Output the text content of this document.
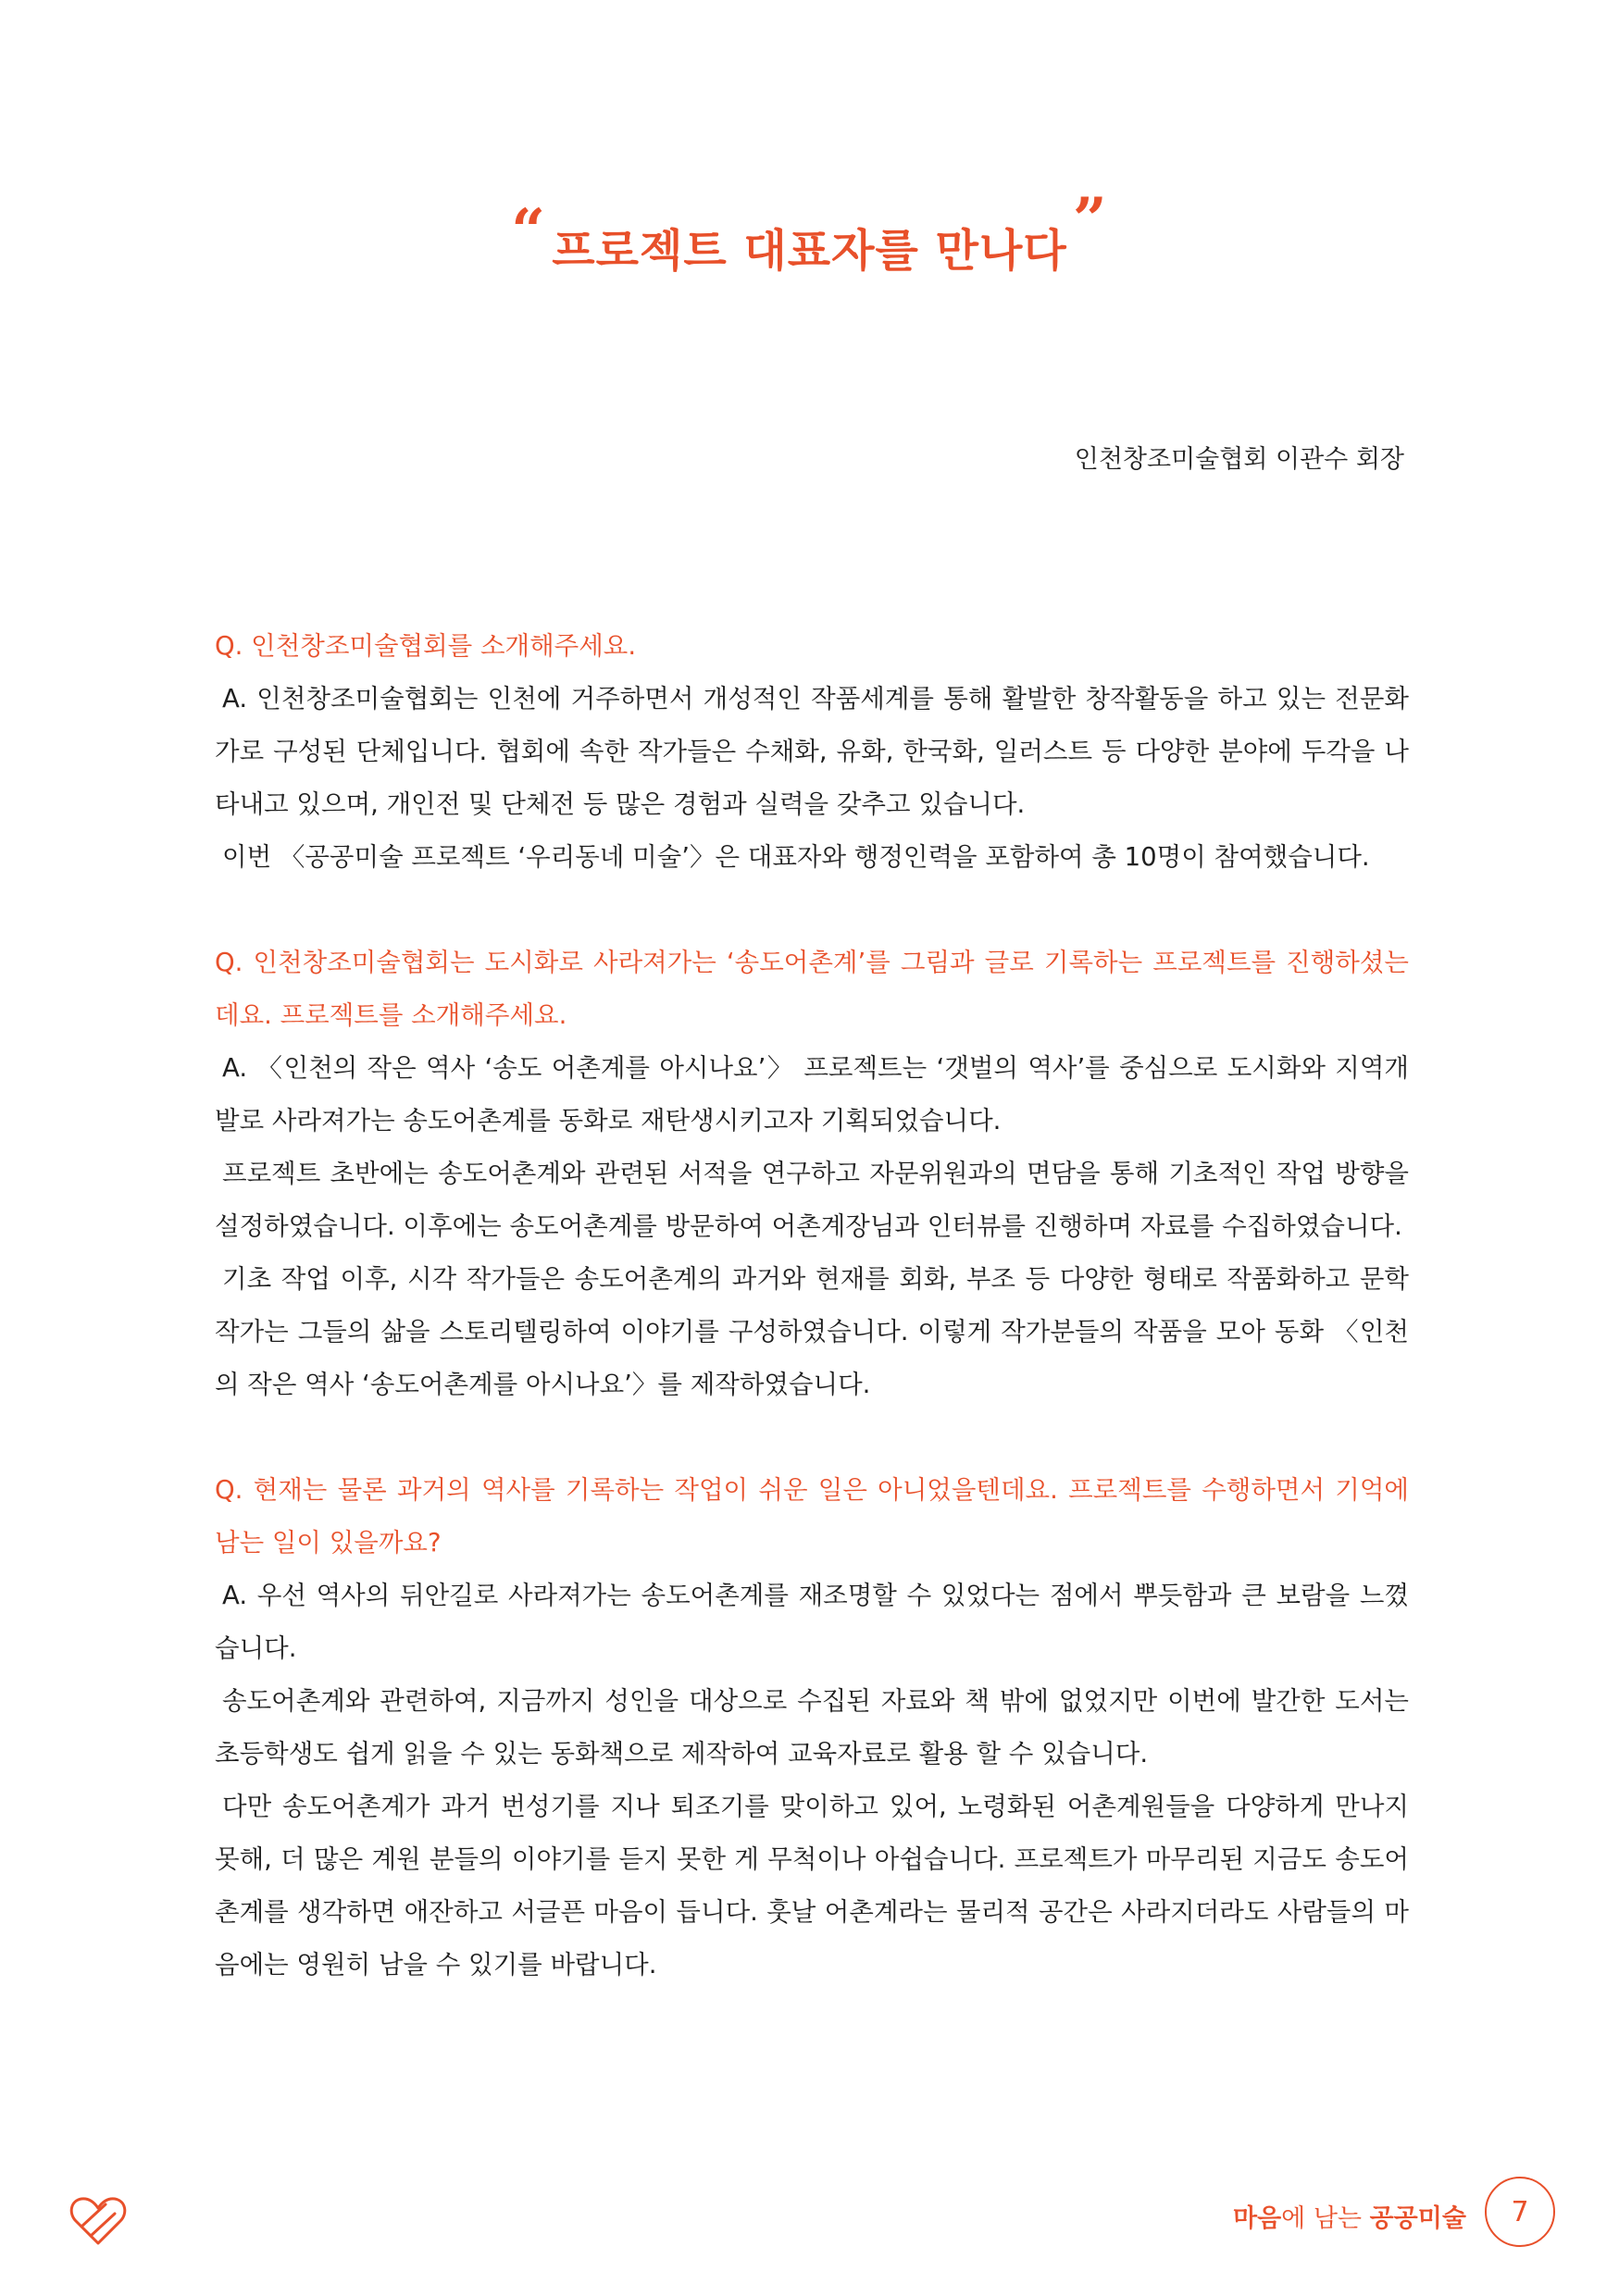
“ 프로젝트 대표자를 만나다 ”
인천창조미술협회 이관수 회장
Q. 인천창조미술협회를 소개해주세요.
A. 인천창조미술협회는 인천에 거주하면서 개성적인 작품세계를 통해 활발한 창작활동을 하고 있는 전문화가로 구성된 단체입니다. 협회에 속한 작가들은 수채화, 유화, 한국화, 일러스트 등 다양한 분야에 두각을 나타내고 있으며, 개인전 및 단체전 등 많은 경험과 실력을 갖추고 있습니다.
이번 〈공공미술 프로젝트 ‘우리동네 미술’〉은 대표자와 행정인력을 포함하여 총 10명이 참여했습니다.
Q. 인천창조미술협회는 도시화로 사라져가는 ‘송도어촌계’를 그림과 글로 기록하는 프로젝트를 진행하셨는데요. 프로젝트를 소개해주세요.
A. 〈인천의 작은 역사 ‘송도 어촌계를 아시나요’〉 프로젝트는 ‘갯벌의 역사’를 중심으로 도시화와 지역개발로 사라져가는 송도어촌계를 동화로 재탄생시키고자 기획되었습니다.
프로젝트 초반에는 송도어촌계와 관련된 서적을 연구하고 자문위원과의 면담을 통해 기초적인 작업 방향을 설정하였습니다. 이후에는 송도어촌계를 방문하여 어촌계장님과 인터뷰를 진행하며 자료를 수집하였습니다.
기초 작업 이후, 시각 작가들은 송도어촌계의 과거와 현재를 회화, 부조 등 다양한 형태로 작품화하고 문학 작가는 그들의 삶을 스토리텔링하여 이야기를 구성하였습니다. 이렇게 작가분들의 작품을 모아 동화 〈인천의 작은 역사 ‘송도어촌계를 아시나요’〉를 제작하였습니다.
Q. 현재는 물론 과거의 역사를 기록하는 작업이 쉬운 일은 아니었을텐데요. 프로젝트를 수행하면서 기억에 남는 일이 있을까요?
A. 우선 역사의 뒤안길로 사라져가는 송도어촌계를 재조명할 수 있었다는 점에서 뿌듯함과 큰 보람을 느꼈습니다.
송도어촌계와 관련하여, 지금까지 성인을 대상으로 수집된 자료와 책 밖에 없었지만 이번에 발간한 도서는 초등학생도 쉽게 읽을 수 있는 동화책으로 제작하여 교육자료로 활용 할 수 있습니다.
다만 송도어촌계가 과거 번성기를 지나 퇴조기를 맞이하고 있어, 노령화된 어촌계원들을 다양하게 만나지 못해, 더 많은 계원 분들의 이야기를 듣지 못한 게 무척이나 아쉽습니다. 프로젝트가 마무리된 지금도 송도어촌계를 생각하면 애잔하고 서글픈 마음이 듭니다. 훗날 어촌계라는 물리적 공간은 사라지더라도 사람들의 마음에는 영원히 남을 수 있기를 바랍니다.
마음에 남는 공공미술 7
